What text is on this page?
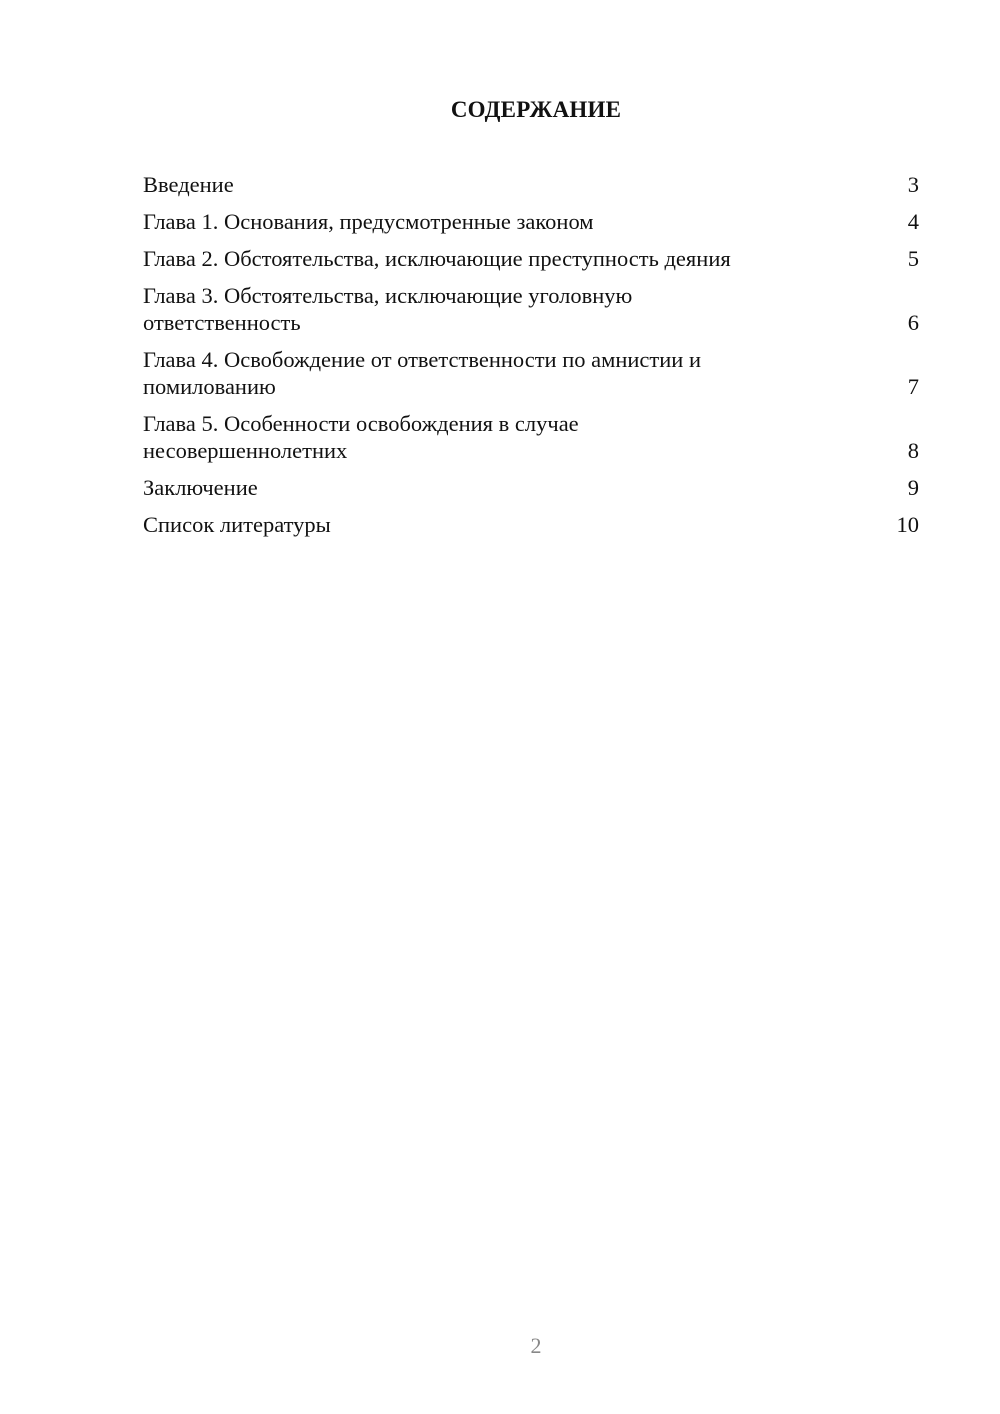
СОДЕРЖАНИЕ
Введение	3
Глава 1. Основания, предусмотренные законом	4
Глава 2. Обстоятельства, исключающие преступность деяния	5
Глава 3. Обстоятельства, исключающие уголовную
ответственность	6
Глава 4. Освобождение от ответственности по амнистии и
помилованию	7
Глава 5. Особенности освобождения в случае
несовершеннолетних	8
Заключение	9
Список литературы	10
2
